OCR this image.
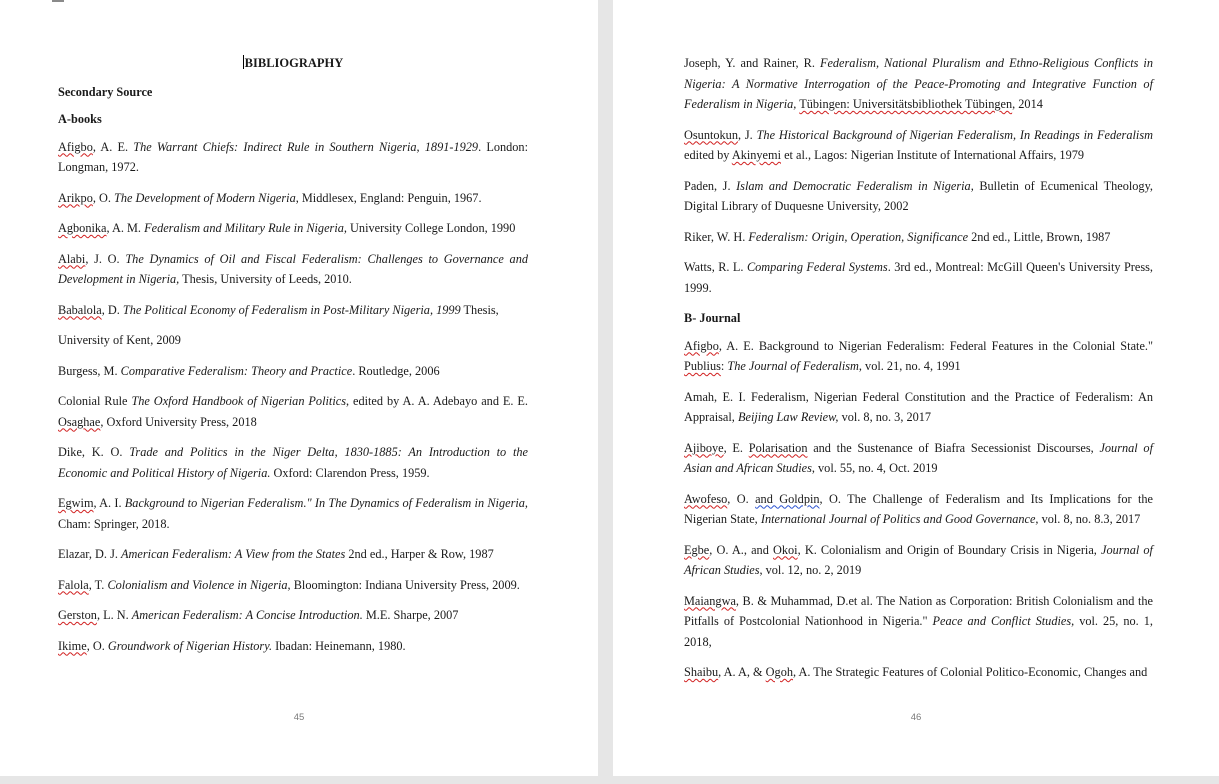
BIBLIOGRAPHY
Secondary Source
A-books
Afigbo, A. E. The Warrant Chiefs: Indirect Rule in Southern Nigeria, 1891-1929. London: Longman, 1972.
Arikpo, O. The Development of Modern Nigeria, Middlesex, England: Penguin, 1967.
Agbonika, A. M. Federalism and Military Rule in Nigeria, University College London, 1990
Alabi, J. O. The Dynamics of Oil and Fiscal Federalism: Challenges to Governance and Development in Nigeria, Thesis, University of Leeds, 2010.
Babalola, D. The Political Economy of Federalism in Post-Military Nigeria, 1999 Thesis,
University of Kent, 2009
Burgess, M. Comparative Federalism: Theory and Practice. Routledge, 2006
Colonial Rule The Oxford Handbook of Nigerian Politics, edited by A. A. Adebayo and E. E. Osaghae, Oxford University Press, 2018
Dike, K. O. Trade and Politics in the Niger Delta, 1830-1885: An Introduction to the Economic and Political History of Nigeria. Oxford: Clarendon Press, 1959.
Egwim, A. I. Background to Nigerian Federalism." In The Dynamics of Federalism in Nigeria, Cham: Springer, 2018.
Elazar, D. J. American Federalism: A View from the States 2nd ed., Harper & Row, 1987
Falola, T. Colonialism and Violence in Nigeria, Bloomington: Indiana University Press, 2009.
Gerston, L. N. American Federalism: A Concise Introduction. M.E. Sharpe, 2007
Ikime, O. Groundwork of Nigerian History. Ibadan: Heinemann, 1980.
45
Joseph, Y. and Rainer, R. Federalism, National Pluralism and Ethno-Religious Conflicts in Nigeria: A Normative Interrogation of the Peace-Promoting and Integrative Function of Federalism in Nigeria, Tübingen: Universitätsbibliothek Tübingen, 2014
Osuntokun, J. The Historical Background of Nigerian Federalism, In Readings in Federalism edited by Akinyemi et al., Lagos: Nigerian Institute of International Affairs, 1979
Paden, J. Islam and Democratic Federalism in Nigeria, Bulletin of Ecumenical Theology, Digital Library of Duquesne University, 2002
Riker, W. H. Federalism: Origin, Operation, Significance 2nd ed., Little, Brown, 1987
Watts, R. L. Comparing Federal Systems. 3rd ed., Montreal: McGill Queen's University Press, 1999.
B- Journal
Afigbo, A. E. Background to Nigerian Federalism: Federal Features in the Colonial State." Publius: The Journal of Federalism, vol. 21, no. 4, 1991
Amah, E. I. Federalism, Nigerian Federal Constitution and the Practice of Federalism: An Appraisal, Beijing Law Review, vol. 8, no. 3, 2017
Ajiboye, E. Polarisation and the Sustenance of Biafra Secessionist Discourses, Journal of Asian and African Studies, vol. 55, no. 4, Oct. 2019
Awofeso, O. and Goldpin, O. The Challenge of Federalism and Its Implications for the Nigerian State, International Journal of Politics and Good Governance, vol. 8, no. 8.3, 2017
Egbe, O. A., and Okoi, K. Colonialism and Origin of Boundary Crisis in Nigeria, Journal of African Studies, vol. 12, no. 2, 2019
Maiangwa, B. & Muhammad, D.et al. The Nation as Corporation: British Colonialism and the Pitfalls of Postcolonial Nationhood in Nigeria." Peace and Conflict Studies, vol. 25, no. 1, 2018,
Shaibu, A. A, & Ogoh, A. The Strategic Features of Colonial Politico-Economic, Changes and
46
